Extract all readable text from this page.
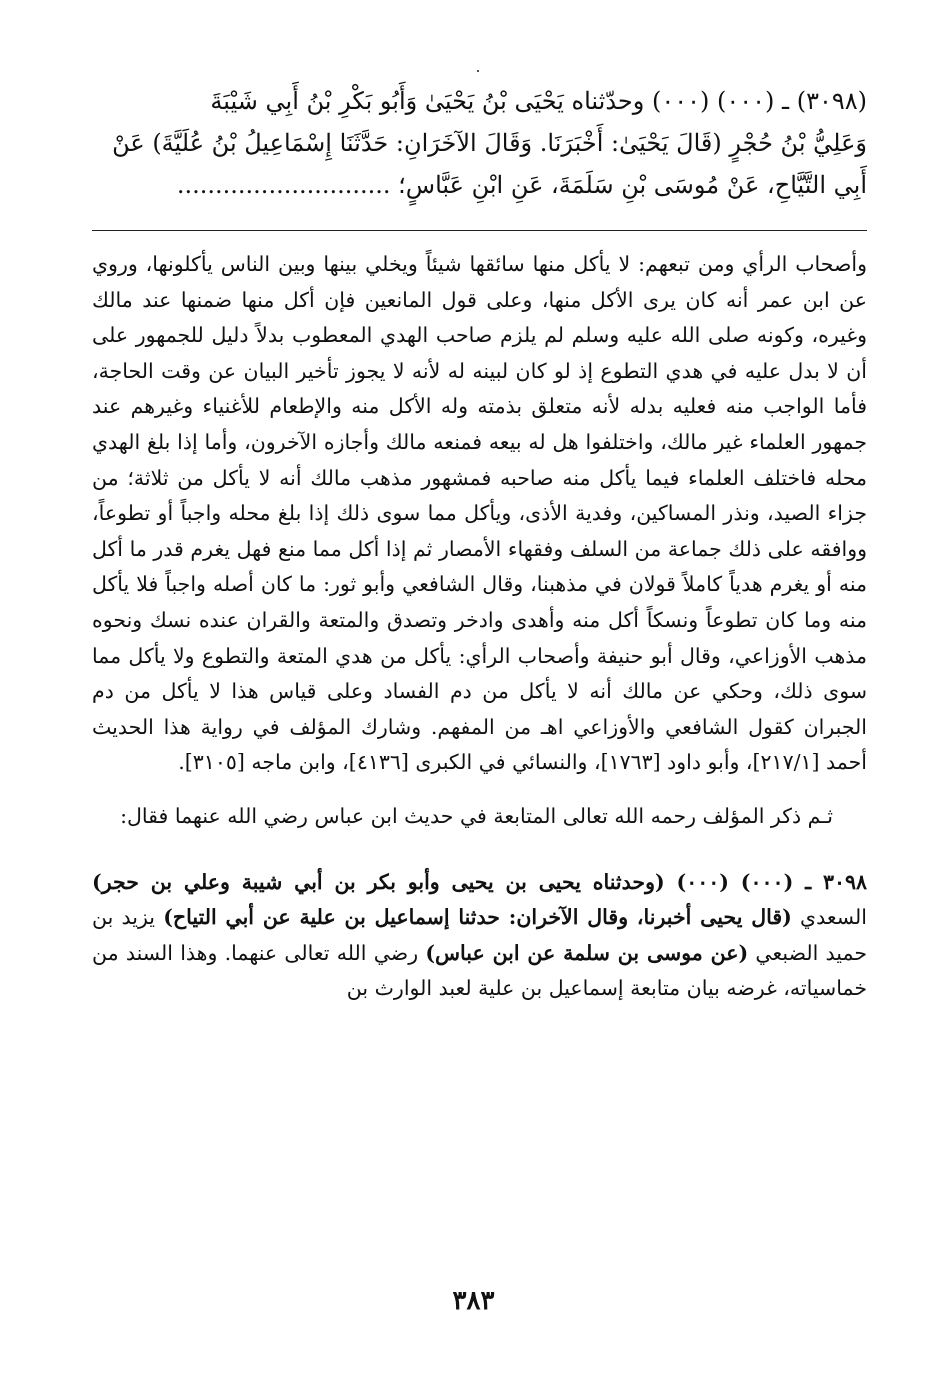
(٣٠٩٨) ـ (٠٠٠) (٠٠٠) وحدّثناه يَحْيَى بْنُ يَحْيَىٰ وَأَبُو بَكْرِ بْنُ أَبِي شَيْبَةَ

وَعَلِيُّ بْنُ حُجْرٍ (قَالَ يَحْيَىٰ: أَخْبَرَنَا. وَقَالَ الآخَرَانِ: حَدَّثَنَا إِسْمَاعِيلُ بْنُ عُلَيَّةَ) عَنْ

أَبِي التَّيَّاحِ، عَنْ مُوسَى بْنِ سَلَمَةَ، عَنِ ابْنِ عَبَّاسٍ؛ ............................

وأصحاب الرأي ومن تبعهم: لا يأكل منها سائقها شيئاً ويخلي بينها وبين الناس يأكلونها، وروي عن ابن عمر أنه كان يرى الأكل منها، وعلى قول المانعين فإن أكل منها ضمنها عند مالك وغيره، وكونه صلى الله عليه وسلم لم يلزم صاحب الهدي المعطوب بدلاً دليل للجمهور على أن لا بدل عليه في هدي التطوع إذ لو كان لبينه له لأنه لا يجوز تأخير البيان عن وقت الحاجة، فأما الواجب منه فعليه بدله لأنه متعلق بذمته وله الأكل منه والإطعام للأغنياء وغيرهم عند جمهور العلماء غير مالك، واختلفوا هل له بيعه فمنعه مالك وأجازه الآخرون، وأما إذا بلغ الهدي محله فاختلف العلماء فيما يأكل منه صاحبه فمشهور مذهب مالك أنه لا يأكل من ثلاثة؛ من جزاء الصيد، ونذر المساكين، وفدية الأذى، ويأكل مما سوى ذلك إذا بلغ محله واجباً أو تطوعاً، ووافقه على ذلك جماعة من السلف وفقهاء الأمصار ثم إذا أكل مما منع فهل يغرم قدر ما أكل منه أو يغرم هدياً كاملاً قولان في مذهبنا، وقال الشافعي وأبو ثور: ما كان أصله واجباً فلا يأكل منه وما كان تطوعاً ونسكاً أكل منه وأهدى وادخر وتصدق والمتعة والقران عنده نسك ونحوه مذهب الأوزاعي، وقال أبو حنيفة وأصحاب الرأي: يأكل من هدي المتعة والتطوع ولا يأكل مما سوى ذلك، وحكي عن مالك أنه لا يأكل من دم الفساد وعلى قياس هذا لا يأكل من دم الجبران كقول الشافعي والأوزاعي اهـ من المفهم. وشارك المؤلف في رواية هذا الحديث أحمد [٢١٧/١]، وأبو داود [١٧٦٣]، والنسائي في الكبرى [٤١٣٦]، وابن ماجه [٣١٠٥].

ثـم ذكر المؤلف رحمه الله تعالى المتابعة في حديث ابن عباس رضي الله عنهما فقال:

٣٠٩٨ ـ (٠٠٠) (٠٠٠) (وحدثناه يحيى بن يحيى وأبو بكر بن أبي شيبة وعلي بن حجر) السعدي (قال يحيى أخبرنا، وقال الآخران: حدثنا إسماعيل بن علية عن أبي التياح) يزيد بن حميد الضبعي (عن موسى بن سلمة عن ابن عباس) رضي الله تعالى عنهما. وهذا السند من خماسياته، غرضه بيان متابعة إسماعيل بن علية لعبد الوارث بن

٣٨٣
